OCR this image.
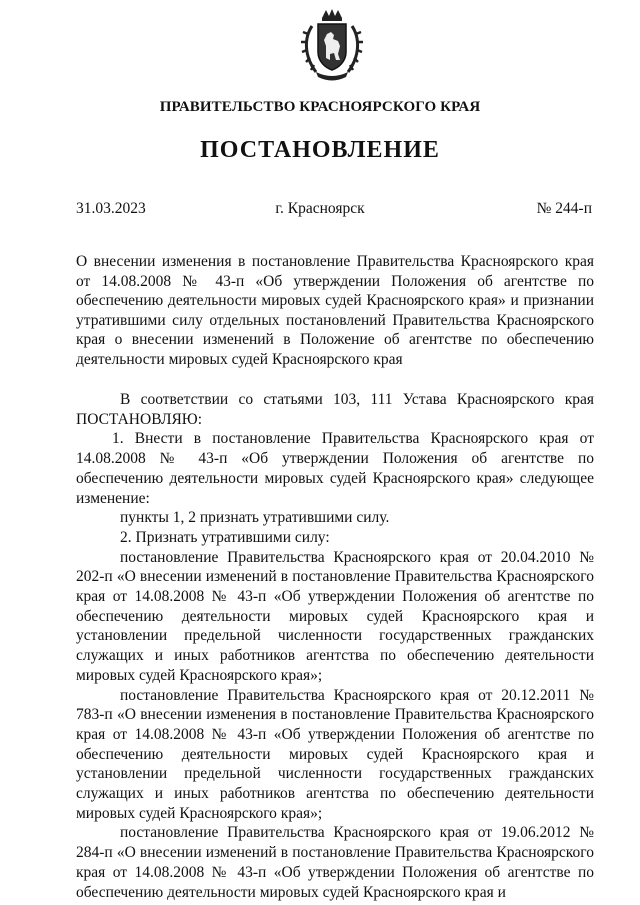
ПРАВИТЕЛЬСТВО КРАСНОЯРСКОГО КРАЯ
ПОСТАНОВЛЕНИЕ
31.03.2023	г. Красноярск	№ 244-п
О внесении изменения в постановление Правительства Красноярского края от 14.08.2008 № 43-п «Об утверждении Положения об агентстве по обеспечению деятельности мировых судей Красноярского края» и признании утратившими силу отдельных постановлений Правительства Красноярского края о внесении изменений в Положение об агентстве по обеспечению деятельности мировых судей Красноярского края

В соответствии со статьями 103, 111 Устава Красноярского края ПОСТАНОВЛЯЮ:

1. Внести в постановление Правительства Красноярского края от 14.08.2008 № 43-п «Об утверждении Положения об агентстве по обеспечению деятельности мировых судей Красноярского края» следующее изменение:

пункты 1, 2 признать утратившими силу.

2. Признать утратившими силу:

постановление Правительства Красноярского края от 20.04.2010 № 202-п «О внесении изменений в постановление Правительства Красноярского края от 14.08.2008 № 43-п «Об утверждении Положения об агентстве по обеспечению деятельности мировых судей Красноярского края и установлении предельной численности государственных гражданских служащих и иных работников агентства по обеспечению деятельности мировых судей Красноярского края»;

постановление Правительства Красноярского края от 20.12.2011 № 783-п «О внесении изменения в постановление Правительства Красноярского края от 14.08.2008 № 43-п «Об утверждении Положения об агентстве по обеспечению деятельности мировых судей Красноярского края и установлении предельной численности государственных гражданских служащих и иных работников агентства по обеспечению деятельности мировых судей Красноярского края»;

постановление Правительства Красноярского края от 19.06.2012 № 284-п «О внесении изменений в постановление Правительства Красноярского края от 14.08.2008 № 43-п «Об утверждении Положения об агентстве по обеспечению деятельности мировых судей Красноярского края и
